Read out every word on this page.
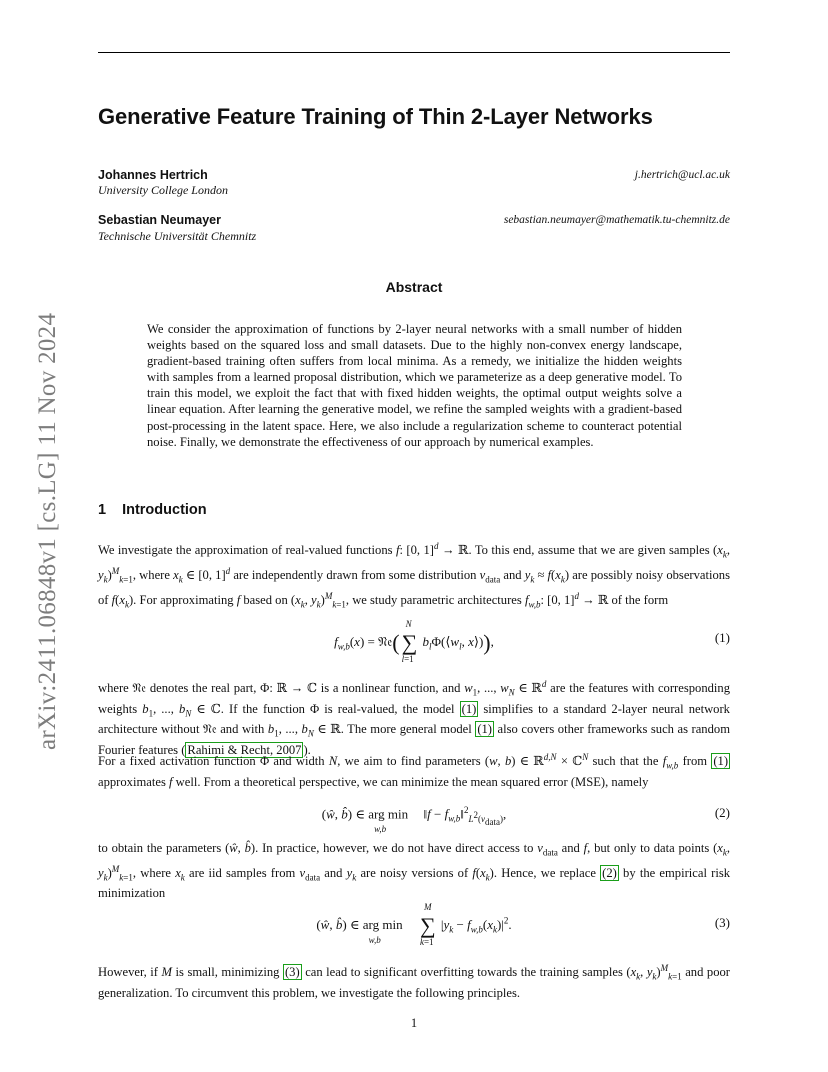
arXiv:2411.06848v1 [cs.LG] 11 Nov 2024
Generative Feature Training of Thin 2-Layer Networks
Johannes Hertrich
University College London
j.hertrich@ucl.ac.uk
Sebastian Neumayer
Technische Universität Chemnitz
sebastian.neumayer@mathematik.tu-chemnitz.de
Abstract
We consider the approximation of functions by 2-layer neural networks with a small number of hidden weights based on the squared loss and small datasets. Due to the highly non-convex energy landscape, gradient-based training often suffers from local minima. As a remedy, we initialize the hidden weights with samples from a learned proposal distribution, which we parameterize as a deep generative model. To train this model, we exploit the fact that with fixed hidden weights, the optimal output weights solve a linear equation. After learning the generative model, we refine the sampled weights with a gradient-based post-processing in the latent space. Here, we also include a regularization scheme to counteract potential noise. Finally, we demonstrate the effectiveness of our approach by numerical examples.
1 Introduction
We investigate the approximation of real-valued functions f: [0, 1]$^d$ → ℝ. To this end, assume that we are given samples ($x_k$, $y_k)^M_{k=1}$, where $x_k$ ∈ [0, 1]$^d$ are independently drawn from some distribution $\nu_{data}$ and $y_k \approx f(x_k)$ are possibly noisy observations of $f(x_k)$. For approximating f based on ($x_k$, $y_k)^M_{k=1}$, we study parametric architectures $f_{w,b}$: [0, 1]$^d$ → ℝ of the form
$f_{w,b}(x)$ = 𝔑𝔢(∑
N
l=1
$b_l\Phi(⟨w_l$, x⟩)),	(1)
where 𝔑𝔢 denotes the real part, Φ: ℝ → ℂ is a nonlinear function, and $w_1$, ..., $w_N$ ∈ ℝ$^d$ are the features with corresponding weights $b_1$, ..., $b_N$ ∈ ℂ. If the function Φ is real-valued, the model (1) simplifies to a standard 2-layer neural network architecture without 𝔑𝔢 and with $b_1$, ..., $b_N$ ∈ ℝ. The more general model (1) also covers other frameworks such as random Fourier features ( Rahimi & Recht, 2007 ).
For a fixed activation function Φ and width N, we aim to find parameters (w, b) ∈ ℝ$^{d,N}$ × ℂ$^N$ such that the $f_{w,b}$ from (1) approximates f well. From a theoretical perspective, we can minimize the mean squared error (MSE), namely
(ŵ, b̂) ∈ arg $\min_{w,b}$ ‖f − $f_{w,b}‖^2_{L^2(\nu_{data})}$,	(2)
to obtain the parameters (ŵ, b̂). In practice, however, we do not have direct access to $\nu_{data}$ and f, but only to data points ($x_k$, $y_k)^M_{k=1}$, where $x_k$ are iid samples from $\nu_{data}$ and $y_k$ are noisy versions of $f(x_k)$. Hence, we replace (2) by the empirical risk minimization
(ŵ, b̂) ∈ arg $\min_{w,b}$ ∑
M
k=1
$|y_k - f_{w,b}(x_k)|^2$.	(3)
However, if M is small, minimizing (3) can lead to significant overfitting towards the training samples ($x_k$, $y_k)^M_{k=1}$ and poor generalization. To circumvent this problem, we investigate the following principles.
1
